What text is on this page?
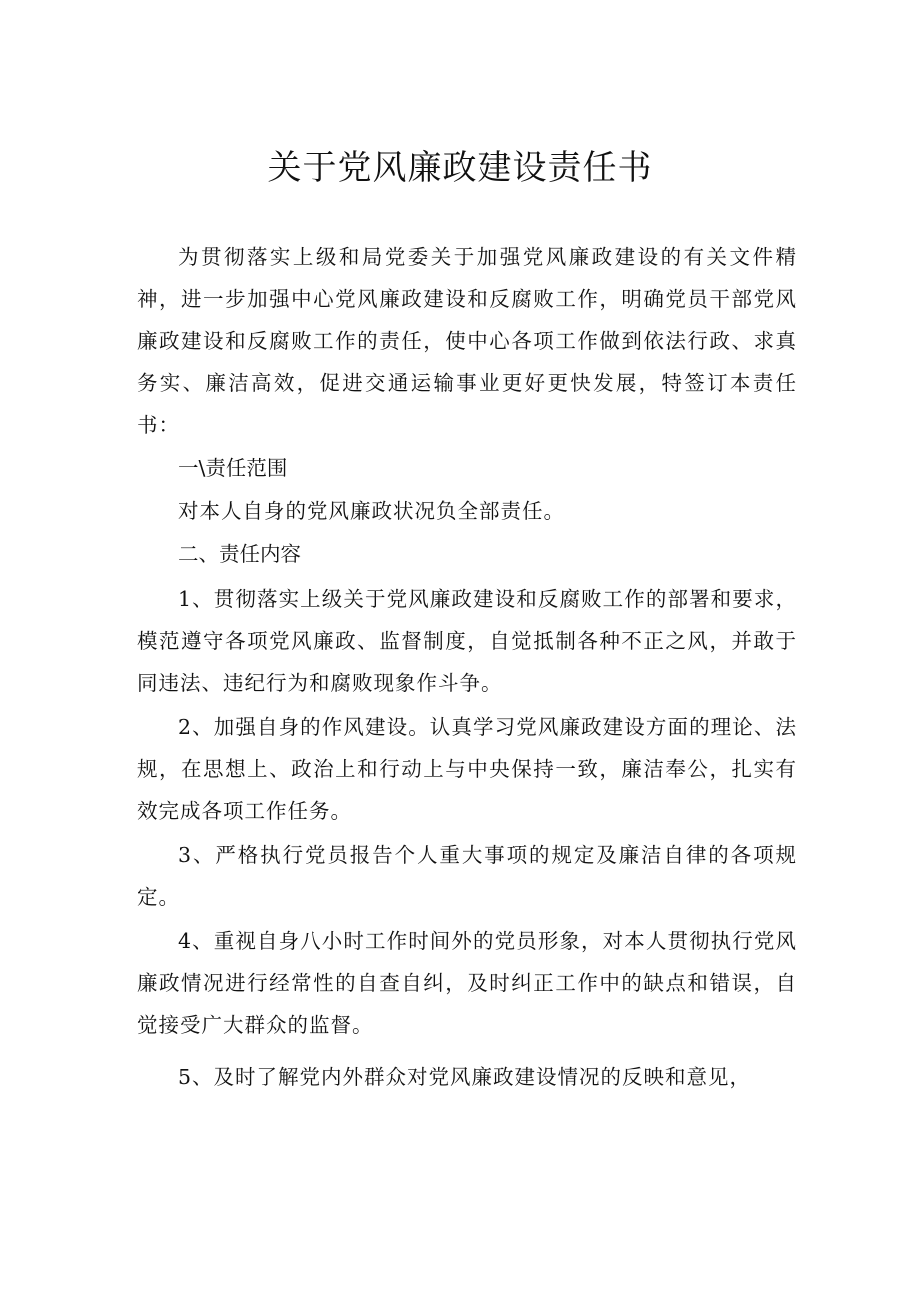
关于党风廉政建设责任书

为贯彻落实上级和局党委关于加强党风廉政建设的有关文件精神，进一步加强中心党风廉政建设和反腐败工作，明确党员干部党风廉政建设和反腐败工作的责任，使中心各项工作做到依法行政、求真务实、廉洁高效，促进交通运输事业更好更快发展，特签订本责任书：

一\责任范围

对本人自身的党风廉政状况负全部责任。

二、责任内容

1、贯彻落实上级关于党风廉政建设和反腐败工作的部署和要求，模范遵守各项党风廉政、监督制度，自觉抵制各种不正之风，并敢于同违法、违纪行为和腐败现象作斗争。

2、加强自身的作风建设。认真学习党风廉政建设方面的理论、法规，在思想上、政治上和行动上与中央保持一致，廉洁奉公，扎实有效完成各项工作任务。

3、严格执行党员报告个人重大事项的规定及廉洁自律的各项规定。

4、重视自身八小时工作时间外的党员形象，对本人贯彻执行党风廉政情况进行经常性的自查自纠，及时纠正工作中的缺点和错误，自觉接受广大群众的监督。

5、及时了解党内外群众对党风廉政建设情况的反映和意见，
